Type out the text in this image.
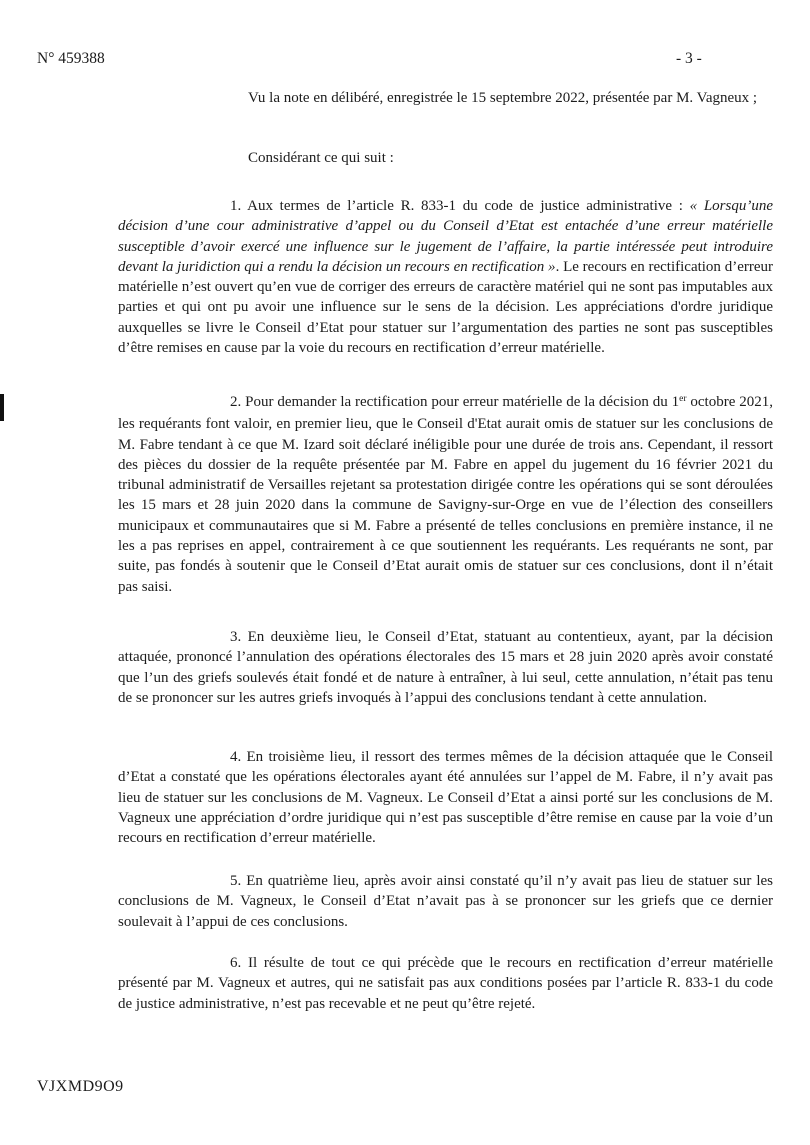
N° 459388	- 3 -

Vu la note en délibéré, enregistrée le 15 septembre 2022, présentée par M. Vagneux ;

Considérant ce qui suit :

1. Aux termes de l’article R. 833-1 du code de justice administrative : « Lorsqu’une décision d’une cour administrative d’appel ou du Conseil d’Etat est entachée d’une erreur matérielle susceptible d’avoir exercé une influence sur le jugement de l’affaire, la partie intéressée peut introduire devant la juridiction qui a rendu la décision un recours en rectification ». Le recours en rectification d’erreur matérielle n’est ouvert qu’en vue de corriger des erreurs de caractère matériel qui ne sont pas imputables aux parties et qui ont pu avoir une influence sur le sens de la décision. Les appréciations d'ordre juridique auxquelles se livre le Conseil d’Etat pour statuer sur l’argumentation des parties ne sont pas susceptibles d’être remises en cause par la voie du recours en rectification d’erreur matérielle.

2. Pour demander la rectification pour erreur matérielle de la décision du 1er octobre 2021, les requérants font valoir, en premier lieu, que le Conseil d'Etat aurait omis de statuer sur les conclusions de M. Fabre tendant à ce que M. Izard soit déclaré inéligible pour une durée de trois ans. Cependant, il ressort des pièces du dossier de la requête présentée par M. Fabre en appel du jugement du 16 février 2021 du tribunal administratif de Versailles rejetant sa protestation dirigée contre les opérations qui se sont déroulées les 15 mars et 28 juin 2020 dans la commune de Savigny-sur-Orge en vue de l’élection des conseillers municipaux et communautaires que si M. Fabre a présenté de telles conclusions en première instance, il ne les a pas reprises en appel, contrairement à ce que soutiennent les requérants. Les requérants ne sont, par suite, pas fondés à soutenir que le Conseil d’Etat aurait omis de statuer sur ces conclusions, dont il n’était pas saisi.

3. En deuxième lieu, le Conseil d’Etat, statuant au contentieux, ayant, par la décision attaquée, prononcé l’annulation des opérations électorales des 15 mars et 28 juin 2020 après avoir constaté que l’un des griefs soulevés était fondé et de nature à entraîner, à lui seul, cette annulation, n’était pas tenu de se prononcer sur les autres griefs invoqués à l’appui des conclusions tendant à cette annulation.

4. En troisième lieu, il ressort des termes mêmes de la décision attaquée que le Conseil d’Etat a constaté que les opérations électorales ayant été annulées sur l’appel de M. Fabre, il n’y avait pas lieu de statuer sur les conclusions de M. Vagneux. Le Conseil d’Etat a ainsi porté sur les conclusions de M. Vagneux une appréciation d’ordre juridique qui n’est pas susceptible d’être remise en cause par la voie d’un recours en rectification d’erreur matérielle.

5. En quatrième lieu, après avoir ainsi constaté qu’il n’y avait pas lieu de statuer sur les conclusions de M. Vagneux, le Conseil d’Etat n’avait pas à se prononcer sur les griefs que ce dernier soulevait à l’appui de ces conclusions.

6. Il résulte de tout ce qui précède que le recours en rectification d’erreur matérielle présenté par M. Vagneux et autres, qui ne satisfait pas aux conditions posées par l’article R. 833-1 du code de justice administrative, n’est pas recevable et ne peut qu’être rejeté.

VJXMD9O9
